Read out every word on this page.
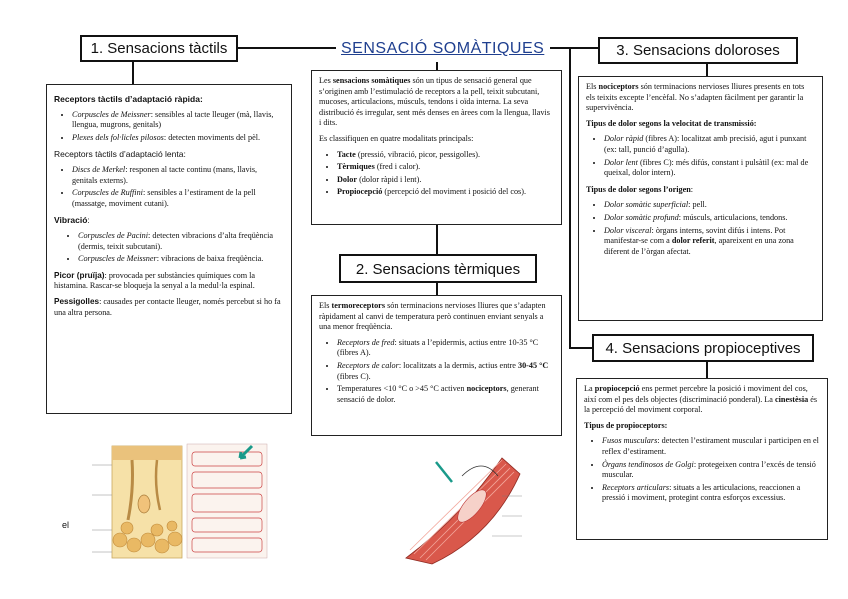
1. Sensacions tàctils	SENSACIÓ SOMÀTIQUES	3. Sensacions doloroses
2. Sensacions tèrmiques
4. Sensacions propioceptives
Receptors tàctils d’adaptació ràpida:
• Corpuscles de Meissner: sensibles al tacte lleuger (mà, llavis, llengua, mugrons, genitals)
• Plexes dels fol·licles pilosos: detecten moviments del pèl.
Receptors tàctils d’adaptació lenta:
• Discs de Merkel: responen al tacte continu (mans, llavis, genitals externs).
• Corpuscles de Ruffini: sensibles a l’estirament de la pell (massatge, moviment cutani).
Vibració:
• Corpuscles de Pacini: detecten vibracions d’alta freqüència (dermis, teixit subcutani).
• Corpuscles de Meissner: vibracions de baixa freqüència.

Picor (pruïja): provocada per substàncies químiques com la histamina. Rascar-se bloqueja la senyal a la medul·la espinal.

Pessigolles: causades per contacte lleuger, només percebut si ho fa una altra persona.

Les sensacions somàtiques són un tipus de sensació general que s’originen amb l’estimulació de receptors a la pell, teixit subcutani, mucoses, articulacions, músculs, tendons i oïda interna. La seva distribució és irregular, sent més denses en àrees com la llengua, llavis i dits.

Es classifiquen en quatre modalitats principals:

• Tacte (pressió, vibració, picor, pessigolles).
• Tèrmiques (fred i calor).
• Dolor (dolor ràpid i lent).
• Propiocepció (percepció del moviment i posició del cos).

Els termoreceptors són terminacions nervioses lliures que s’adapten ràpidament al canvi de temperatura però continuen enviant senyals a una menor freqüència.

• Receptors de fred: situats a l’epidermis, actius entre 10-35 °C (fibres A).
• Receptors de calor: localitzats a la dermis, actius entre 30-45 °C (fibres C).
• Temperatures <10 °C o >45 °C activen nociceptors, generant sensació de dolor.

Els nociceptors són terminacions nervioses lliures presents en tots els teixits excepte l’encèfal. No s’adapten fàcilment per garantir la supervivència.

Tipus de dolor segons la velocitat de transmissió:

• Dolor ràpid (fibres A): localitzat amb precisió, agut i punxant (ex: tall, punció d’agulla).
• Dolor lent (fibres C): més difús, constant i pulsàtil (ex: mal de queixal, dolor intern).

Tipus de dolor segons l’origen:

• Dolor somàtic superficial: pell.
• Dolor somàtic profund: músculs, articulacions, tendons.
• Dolor visceral: òrgans interns, sovint difús i intens. Pot manifestar-se com a dolor referit, apareixent en una zona diferent de l’òrgan afectat.

La propiocepció ens permet percebre la posició i moviment del cos, així com el pes dels objectes (discriminació ponderal). La cinestèsia és la percepció del moviment corporal.

Tipus de propioceptors:

• Fusos musculars: detecten l’estirament muscular i participen en el reflex d’estirament.
• Òrgans tendinosos de Golgi: protegeixen contra l’excés de tensió muscular.
• Receptors articulars: situats a les articulacions, reaccionen a pressió i moviment, protegint contra esforços excessius.
el
